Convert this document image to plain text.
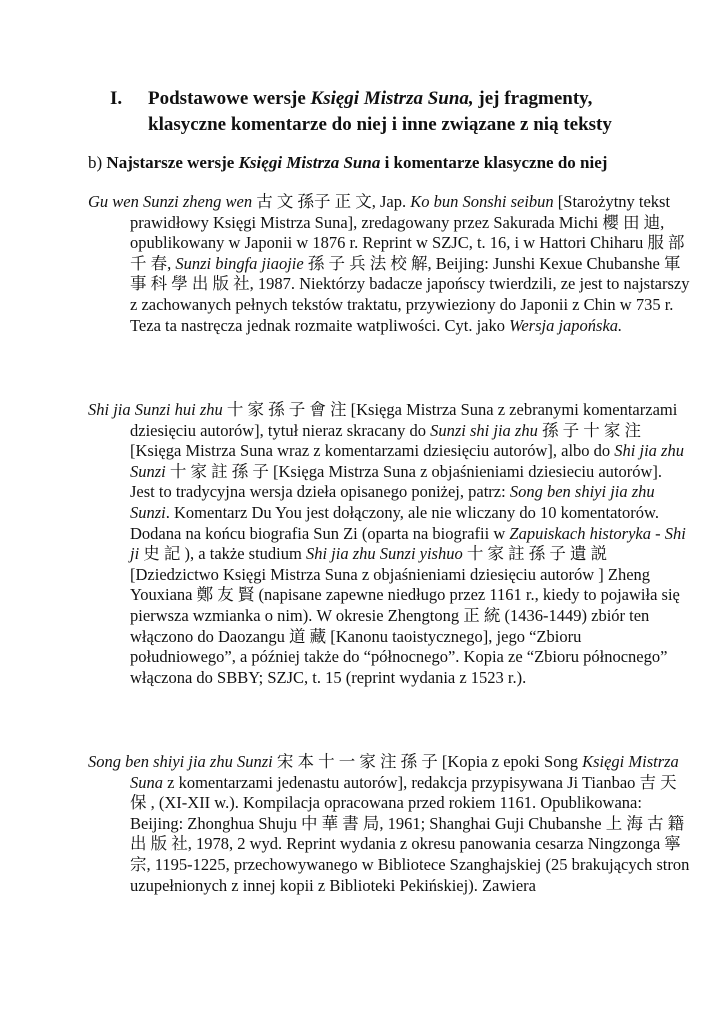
I. Podstawowe wersje Księgi Mistrza Suna, jej fragmenty,
klasyczne komentarze do niej i inne związane z nią teksty
b) Najstarsze wersje Księgi Mistrza Suna i komentarze klasyczne do niej
Gu wen Sunzi zheng wen 古 文 孫子 正 文, Jap. Ko bun Sonshi seibun [Starożytny tekst prawidłowy Księgi Mistrza Suna], zredagowany przez Sakurada Michi 櫻 田 迪, opublikowany w Japonii w 1876 r. Reprint w SZJC, t. 16, i w Hattori Chiharu 服 部 千 春, Sunzi bingfa jiaojie 孫 子 兵 法 校 解, Beijing: Junshi Kexue Chubanshe 軍 事 科 學 出 版 社, 1987. Niektórzy badacze japońscy twierdzili, ze jest to najstarszy z zachowanych pełnych tekstów traktatu, przywieziony do Japonii z Chin w 735 r. Teza ta nastręcza jednak rozmaite watpliwości. Cyt. jako Wersja japońska.
Shi jia Sunzi hui zhu 十 家 孫 子 會 注 [Księga Mistrza Suna z zebranymi komentarzami dziesięciu autorów], tytuł nieraz skracany do Sunzi shi jia zhu 孫 子 十 家 注 [Księga Mistrza Suna wraz z komentarzami dziesięciu autorów], albo do Shi jia zhu Sunzi 十 家 註 孫 子 [Księga Mistrza Suna z objaśnieniami dziesieciu autorów]. Jest to tradycyjna wersja dzieła opisanego poniżej, patrz: Song ben shiyi jia zhu Sunzi. Komentarz Du You jest dołączony, ale nie wliczany do 10 komentatorów. Dodana na końcu biografia Sun Zi (oparta na biografii w Zapuiskach historyka - Shi ji 史 記 ), a także studium Shi jia zhu Sunzi yishuo 十 家 註 孫 子 遺 説 [Dziedzictwo Księgi Mistrza Suna z objaśnieniami dziesięciu autorów ] Zheng Youxiana 鄭 友 賢 (napisane zapewne niedługo przez 1161 r., kiedy to pojawiła się pierwsza wzmianka o nim). W okresie Zhengtong 正 統 (1436-1449) zbiór ten włączono do Daozangu 道 藏 [Kanonu taoistycznego], jego “Zbioru południowego”, a później także do “północnego”. Kopia ze “Zbioru północnego” włączona do SBBY; SZJC, t. 15 (reprint wydania z 1523 r.).
Song ben shiyi jia zhu Sunzi 宋 本 十 一 家 注 孫 子 [Kopia z epoki Song Księgi Mistrza Suna z komentarzami jedenastu autorów], redakcja przypisywana Ji Tianbao 吉 天 保 , (XI-XII w.). Kompilacja opracowana przed rokiem 1161. Opublikowana: Beijing: Zhonghua Shuju 中 華 書 局, 1961; Shanghai Guji Chubanshe 上 海 古 籍 出 版 社, 1978, 2 wyd. Reprint wydania z okresu panowania cesarza Ningzonga 寧 宗, 1195-1225, przechowywanego w Bibliotece Szanghajskiej (25 brakujących stron uzupełnionych z innej kopii z Biblioteki Pekińskiej). Zawiera
